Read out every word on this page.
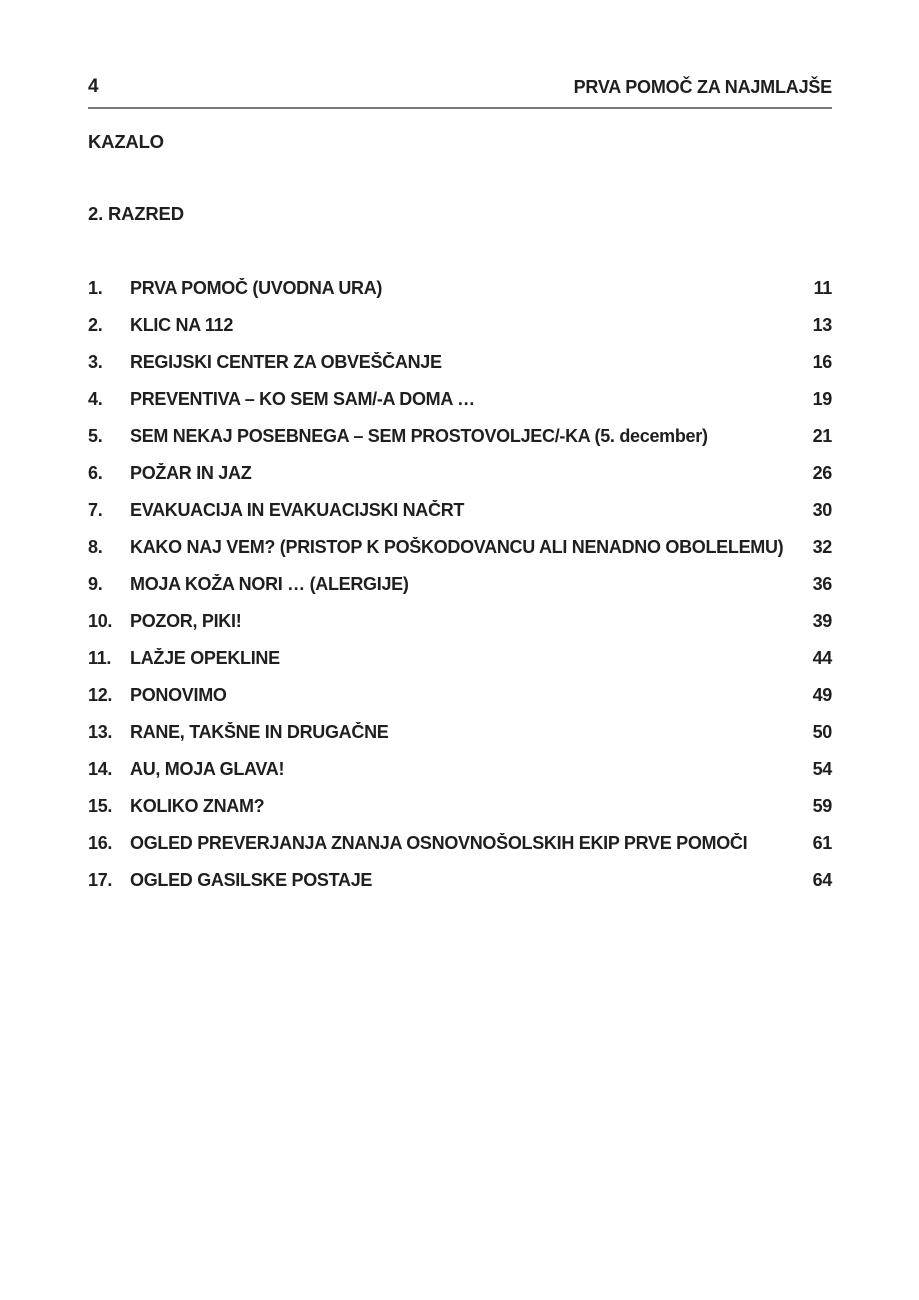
4	PRVA POMOČ ZA NAJMLAJŠE
KAZALO
2. RAZRED
1.	PRVA POMOČ (UVODNA URA)	11
2.	KLIC NA 112	13
3.	REGIJSKI CENTER ZA OBVEŠČANJE	16
4.	PREVENTIVA – KO SEM SAM/-A DOMA …	19
5.	SEM NEKAJ POSEBNEGA – SEM PROSTOVOLJEC/-KA (5. december)	21
6.	POŽAR IN JAZ	26
7.	EVAKUACIJA IN EVAKUACIJSKI NAČRT	30
8.	KAKO NAJ VEM? (PRISTOP K POŠKODOVANCU ALI NENADNO OBOLELEMU)	32
9.	MOJA KOŽA NORI … (ALERGIJE)	36
10. POZOR, PIKI!	39
11.	LAŽJE OPEKLINE	44
12. PONOVIMO	49
13. RANE, TAKŠNE IN DRUGAČNE	50
14. AU, MOJA GLAVA!	54
15. KOLIKO ZNAM?	59
16. OGLED PREVERJANJA ZNANJA OSNOVNOŠOLSKIH EKIP PRVE POMOČI	61
17. OGLED GASILSKE POSTAJE	64
